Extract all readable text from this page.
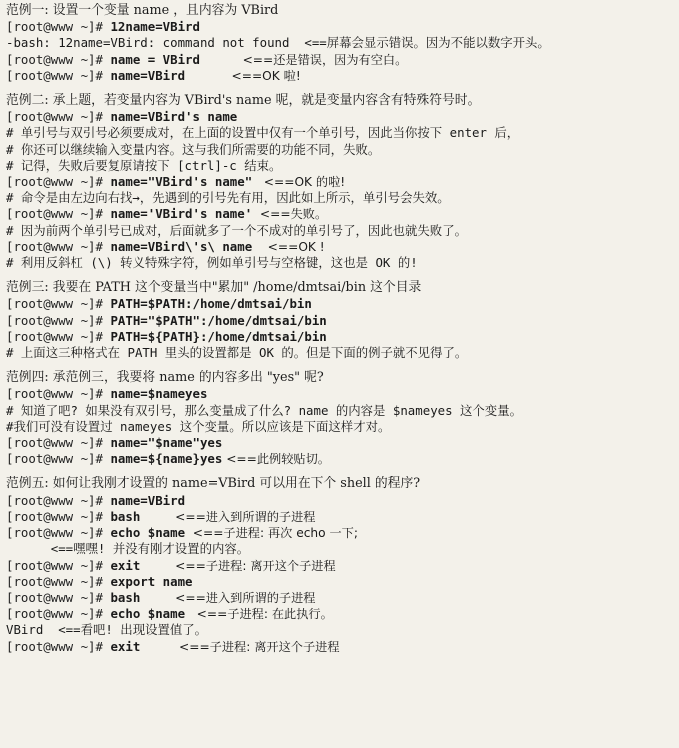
范例一: 设置一个变量 name ，且内容为 VBird
[root@www ~]# 12name=VBird
-bash: 12name=VBird: command not found  <==屏幕会显示错误。因为不能以数字开头。
[root@www ~]# name = VBird           <==还是错误，因为有空白。
[root@www ~]# name=VBird            <==OK 啦!
范例二: 承上题，若变量内容为 VBird's name 呢，就是变量内容含有特殊符号时。
[root@www ~]# name=VBird's name
# 单引号与双引号必须要成对，在上面的设置中仅有一个单引号，因此当你按下 enter 后，
# 你还可以继续输入变量内容。这与我们所需要的功能不同，失败。
# 记得，失败后要复原请按下 [ctrl]-c 结束。
[root@www ~]# name="VBird's name"   <==OK 的啦!
# 命令是由左边向右找→，先遇到的引号先有用，因此如上所示，单引号会失效。
[root@www ~]# name='VBird's name'  <==失败。
# 因为前两个单引号已成对，后面就多了一个不成对的单引号了，因此也就失败了。
[root@www ~]# name=VBird\'s\ name    <==OK !
# 利用反斜杠 (\) 转义特殊字符，例如单引号与空格键，这也是 OK 的!
范例三: 我要在 PATH 这个变量当中"累加" /home/dmtsai/bin 这个目录
[root@www ~]# PATH=$PATH:/home/dmtsai/bin
[root@www ~]# PATH="$PATH":/home/dmtsai/bin
[root@www ~]# PATH=${PATH}:/home/dmtsai/bin
# 上面这三种格式在 PATH 里头的设置都是 OK 的。但是下面的例子就不见得了。
范例四: 承范例三，我要将 name 的内容多出 "yes" 呢?
[root@www ~]# name=$nameyes
# 知道了吧? 如果没有双引号，那么变量成了什么? name 的内容是 $nameyes 这个变量。
#我们可没有设置过 nameyes 这个变量。所以应该是下面这样才对。
[root@www ~]# name="$name"yes
[root@www ~]# name=${name}yes <==此例较贴切。
范例五: 如何让我刚才设置的 name=VBird 可以用在下个 shell 的程序?
[root@www ~]# name=VBird
[root@www ~]# bash         <==进入到所谓的子进程
[root@www ~]# echo $name  <==子进程: 再次 echo 一下;
<==嘿嘿! 并没有刚才设置的内容。
[root@www ~]# exit         <==子进程: 离开这个子进程
[root@www ~]# export name
[root@www ~]# bash         <==进入到所谓的子进程
[root@www ~]# echo $name   <==子进程: 在此执行。
VBird  <==看吧! 出现设置值了。
[root@www ~]# exit          <==子进程: 离开这个子进程
